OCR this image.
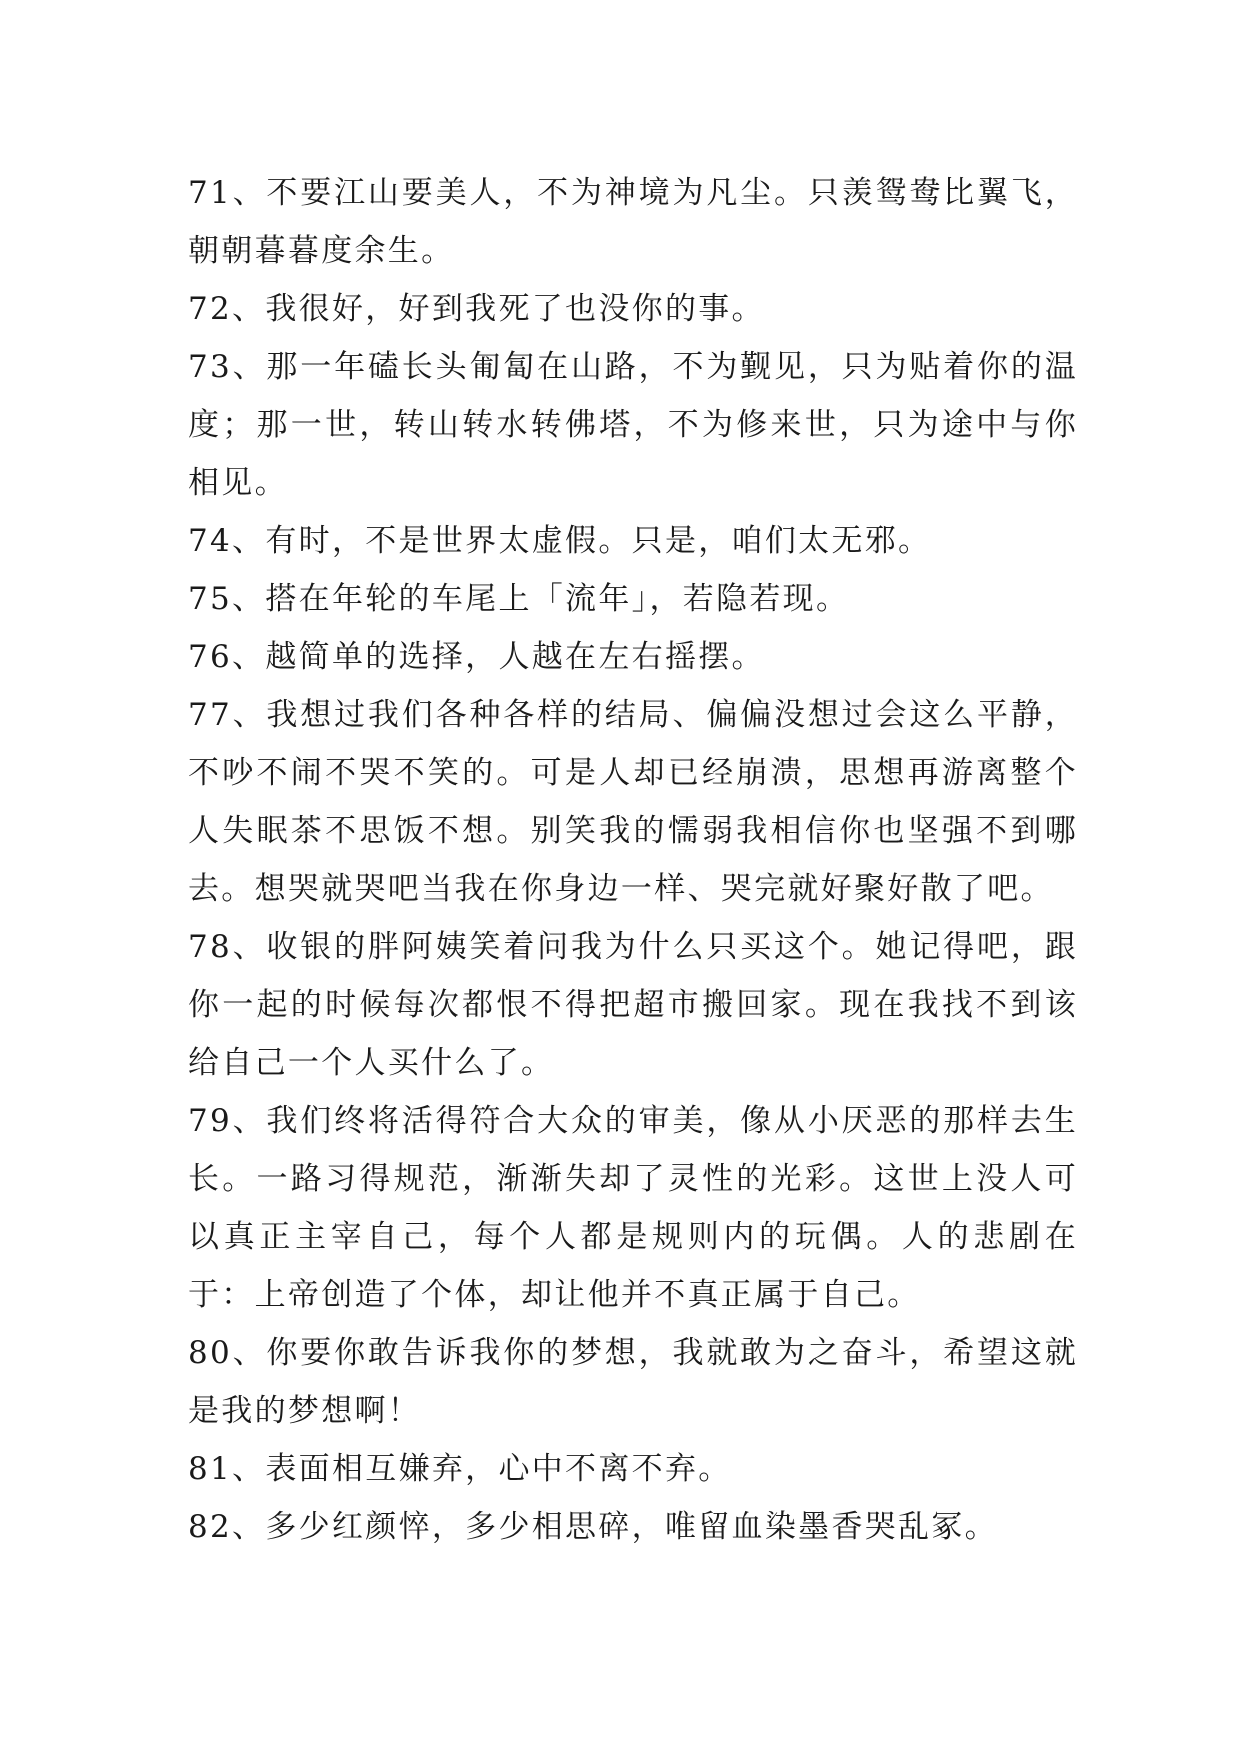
71、不要江山要美人，不为神境为凡尘。只羡鸳鸯比翼飞，朝朝暮暮度余生。

72、我很好，好到我死了也没你的事。

73、那一年磕长头匍匐在山路，不为觐见，只为贴着你的温度；那一世，转山转水转佛塔，不为修来世，只为途中与你相见。

74、有时，不是世界太虚假。只是，咱们太无邪。

75、搭在年轮的车尾上「流年」，若隐若现。

76、越简单的选择，人越在左右摇摆。

77、我想过我们各种各样的结局、偏偏没想过会这么平静，不吵不闹不哭不笑的。可是人却已经崩溃，思想再游离整个人失眠茶不思饭不想。别笑我的懦弱我相信你也坚强不到哪去。想哭就哭吧当我在你身边一样、哭完就好聚好散了吧。

78、收银的胖阿姨笑着问我为什么只买这个。她记得吧，跟你一起的时候每次都恨不得把超市搬回家。现在我找不到该给自己一个人买什么了。

79、我们终将活得符合大众的审美，像从小厌恶的那样去生长。一路习得规范，渐渐失却了灵性的光彩。这世上没人可以真正主宰自己，每个人都是规则内的玩偶。人的悲剧在于：上帝创造了个体，却让他并不真正属于自己。

80、你要你敢告诉我你的梦想，我就敢为之奋斗，希望这就是我的梦想啊！

81、表面相互嫌弃，心中不离不弃。

82、多少红颜悴，多少相思碎，唯留血染墨香哭乱冢。
